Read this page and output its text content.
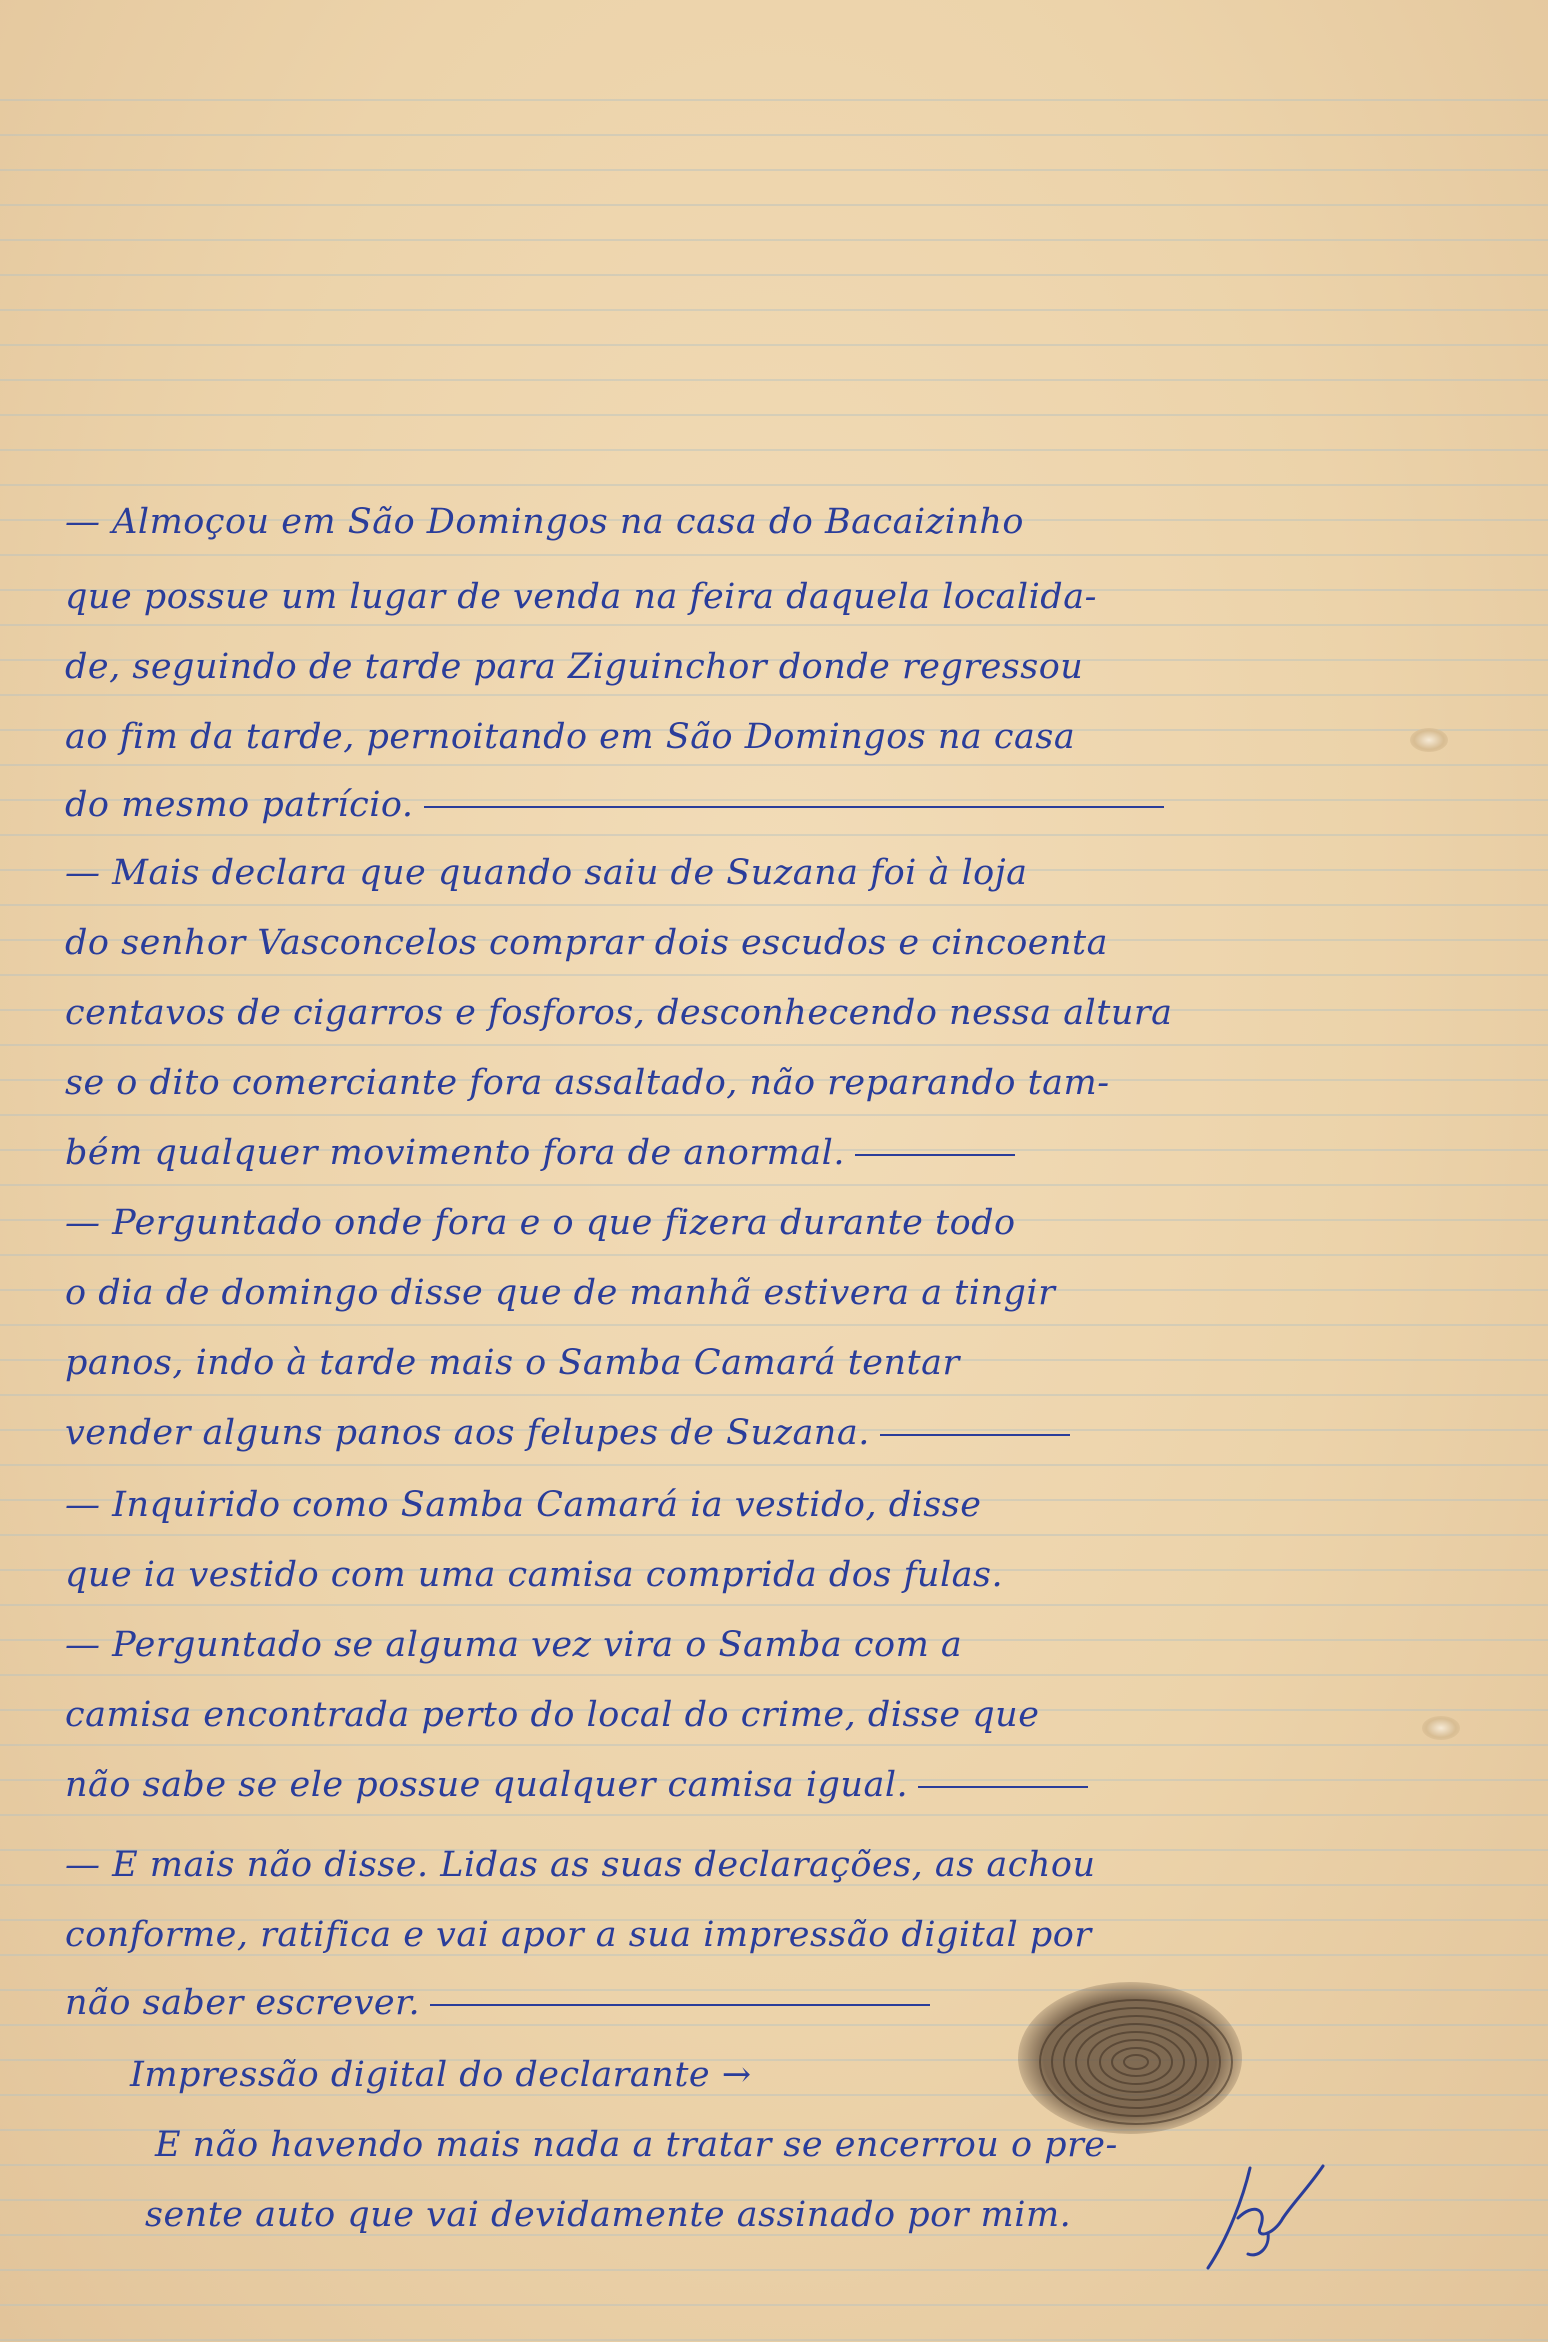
— Almoçou em São Domingos na casa do Bacaizinho
que possue um lugar de venda na feira daquela localida-
de, seguindo de tarde para Ziguinchor donde regressou
ao fim da tarde, pernoitando em São Domingos na casa
do mesmo patrício.
— Mais declara que quando saiu de Suzana foi à loja
do senhor Vasconcelos comprar dois escudos e cincoenta
centavos de cigarros e fosforos, desconhecendo nessa altura
se o dito comerciante fora assaltado, não reparando tam-
bém qualquer movimento fora de anormal.
— Perguntado onde fora e o que fizera durante todo
o dia de domingo disse que de manhã estivera a tingir
panos, indo à tarde mais o Samba Camará tentar
vender alguns panos aos felupes de Suzana.
— Inquirido como Samba Camará ia vestido, disse
que ia vestido com uma camisa comprida dos fulas.
— Perguntado se alguma vez vira o Samba com a
camisa encontrada perto do local do crime, disse que
não sabe se ele possue qualquer camisa igual.
— E mais não disse. Lidas as suas declarações, as achou
conforme, ratifica e vai apor a sua impressão digital por
não saber escrever.
Impressão digital do declarante →
E não havendo mais nada a tratar se encerrou o pre-
sente auto que vai devidamente assinado por mim.
